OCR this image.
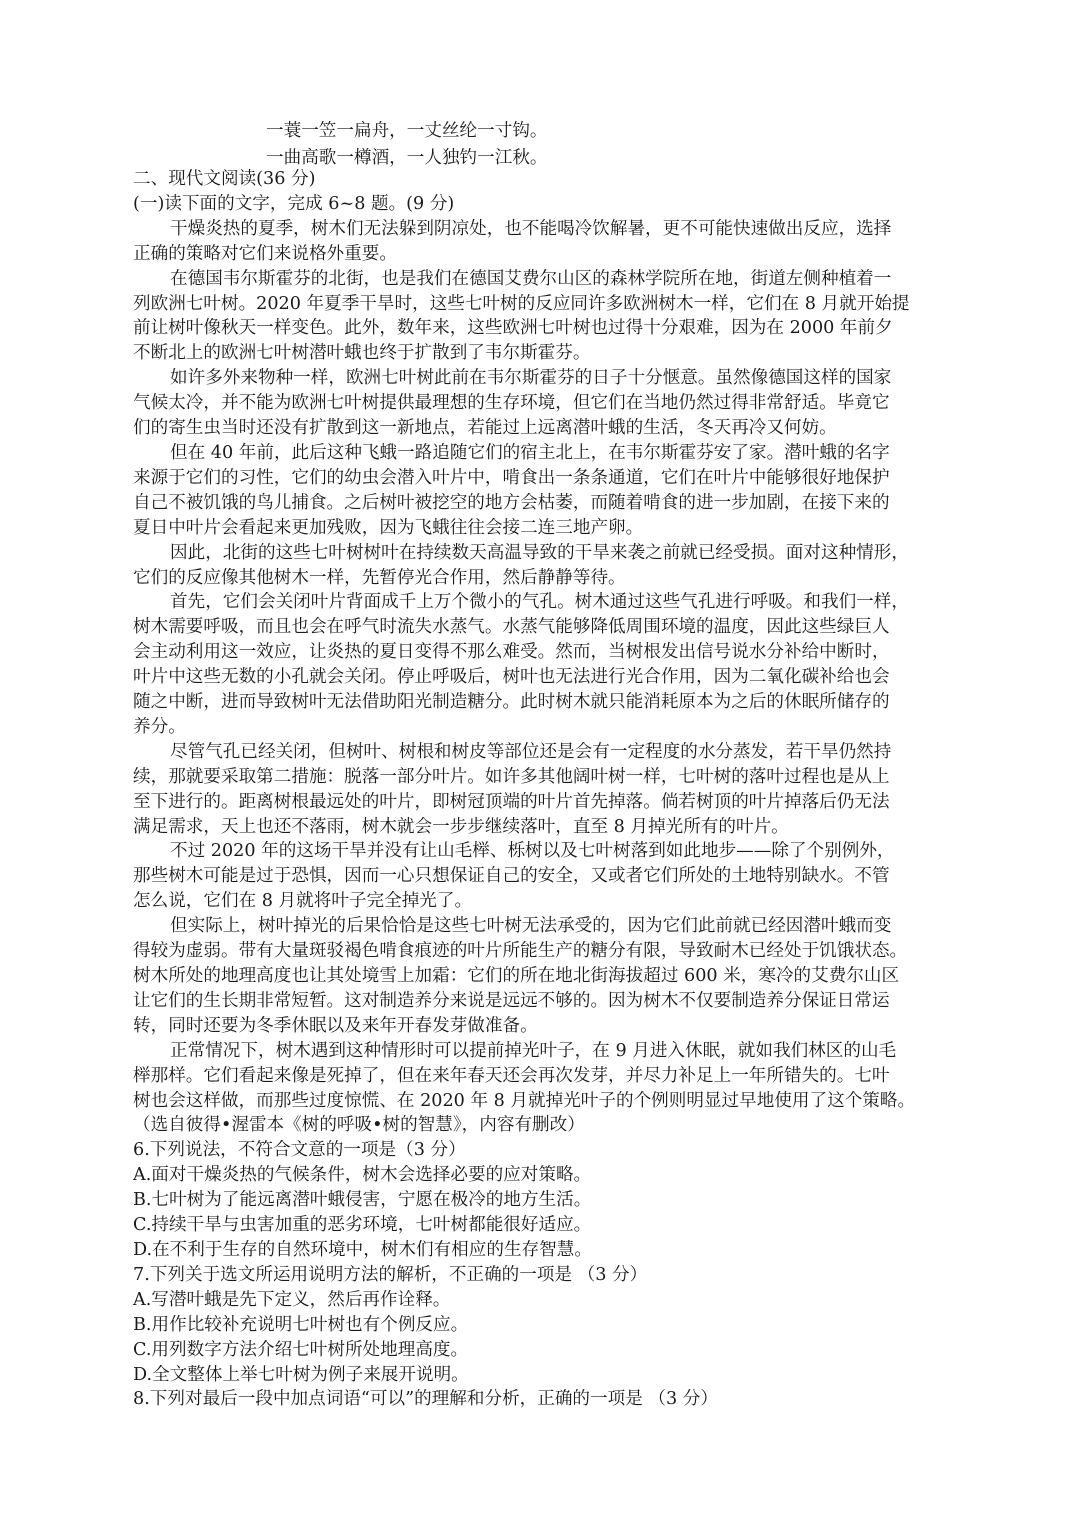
一蓑一笠一扁舟，一丈丝纶一寸钩。
一曲高歌一樽酒，一人独钓一江秋。
二、现代文阅读(36 分)
(一)读下面的文字，完成 6~8 题。(9 分)
干燥炎热的夏季，树木们无法躲到阴凉处，也不能喝冷饮解暑，更不可能快速做出反应，选择
正确的策略对它们来说格外重要。
在德国韦尔斯霍芬的北街，也是我们在德国艾费尔山区的森林学院所在地，街道左侧种植着一
列欧洲七叶树。2020 年夏季干旱时，这些七叶树的反应同许多欧洲树木一样，它们在 8 月就开始提
前让树叶像秋天一样变色。此外，数年来，这些欧洲七叶树也过得十分艰难，因为在 2000 年前夕
不断北上的欧洲七叶树潜叶蛾也终于扩散到了韦尔斯霍芬。
如许多外来物种一样，欧洲七叶树此前在韦尔斯霍芬的日子十分惬意。虽然像德国这样的国家
气候太冷，并不能为欧洲七叶树提供最理想的生存环境，但它们在当地仍然过得非常舒适。毕竟它
们的寄生虫当时还没有扩散到这一新地点，若能过上远离潜叶蛾的生活，冬天再冷又何妨。
但在 40 年前，此后这种飞蛾一路追随它们的宿主北上，在韦尔斯霍芬安了家。潜叶蛾的名字
来源于它们的习性，它们的幼虫会潜入叶片中，啃食出一条条通道，它们在叶片中能够很好地保护
自己不被饥饿的鸟儿捕食。之后树叶被挖空的地方会枯萎，而随着啃食的进一步加剧，在接下来的
夏日中叶片会看起来更加残败，因为飞蛾往往会接二连三地产卵。
因此，北街的这些七叶树树叶在持续数天高温导致的干旱来袭之前就已经受损。面对这种情形，
它们的反应像其他树木一样，先暂停光合作用，然后静静等待。
首先，它们会关闭叶片背面成千上万个微小的气孔。树木通过这些气孔进行呼吸。和我们一样，
树木需要呼吸，而且也会在呼气时流失水蒸气。水蒸气能够降低周围环境的温度，因此这些绿巨人
会主动利用这一效应，让炎热的夏日变得不那么难受。然而，当树根发出信号说水分补给中断时，
叶片中这些无数的小孔就会关闭。停止呼吸后，树叶也无法进行光合作用，因为二氧化碳补给也会
随之中断，进而导致树叶无法借助阳光制造糖分。此时树木就只能消耗原本为之后的休眠所储存的
养分。
尽管气孔已经关闭，但树叶、树根和树皮等部位还是会有一定程度的水分蒸发，若干旱仍然持
续，那就要采取第二措施：脱落一部分叶片。如许多其他阔叶树一样，七叶树的落叶过程也是从上
至下进行的。距离树根最远处的叶片，即树冠顶端的叶片首先掉落。倘若树顶的叶片掉落后仍无法
满足需求，天上也还不落雨，树木就会一步步继续落叶，直至 8 月掉光所有的叶片。
不过 2020 年的这场干旱并没有让山毛榉、栎树以及七叶树落到如此地步——除了个别例外，
那些树木可能是过于恐惧，因而一心只想保证自己的安全，又或者它们所处的土地特别缺水。不管
怎么说，它们在 8 月就将叶子完全掉光了。
但实际上，树叶掉光的后果恰恰是这些七叶树无法承受的，因为它们此前就已经因潜叶蛾而变
得较为虚弱。带有大量斑驳褐色啃食痕迹的叶片所能生产的糖分有限，导致耐木已经处于饥饿状态。
树木所处的地理高度也让其处境雪上加霜：它们的所在地北街海拔超过 600 米，寒冷的艾费尔山区
让它们的生长期非常短暂。这对制造养分来说是远远不够的。因为树木不仅要制造养分保证日常运
转，同时还要为冬季休眠以及来年开春发芽做准备。
正常情况下，树木遇到这种情形时可以提前掉光叶子，在 9 月进入休眠，就如我们林区的山毛
榉那样。它们看起来像是死掉了，但在来年春天还会再次发芽，并尽力补足上一年所错失的。七叶
树也会这样做，而那些过度惊慌、在 2020 年 8 月就掉光叶子的个例则明显过早地使用了这个策略。
（选自彼得•渥雷本《树的呼吸•树的智慧》，内容有删改）
6.下列说法，不符合文意的一项是（3 分）
A.面对干燥炎热的气候条件，树木会选择必要的应对策略。
B.七叶树为了能远离潜叶蛾侵害，宁愿在极冷的地方生活。
C.持续干旱与虫害加重的恶劣环境，七叶树都能很好适应。
D.在不利于生存的自然环境中，树木们有相应的生存智慧。
7.下列关于选文所运用说明方法的解析，不正确的一项是 （3 分）
A.写潜叶蛾是先下定义，然后再作诠释。
B.用作比较补充说明七叶树也有个例反应。
C.用列数字方法介绍七叶树所处地理高度。
D.全文整体上举七叶树为例子来展开说明。
8.下列对最后一段中加点词语“可以”的理解和分析，正确的一项是 （3 分）
